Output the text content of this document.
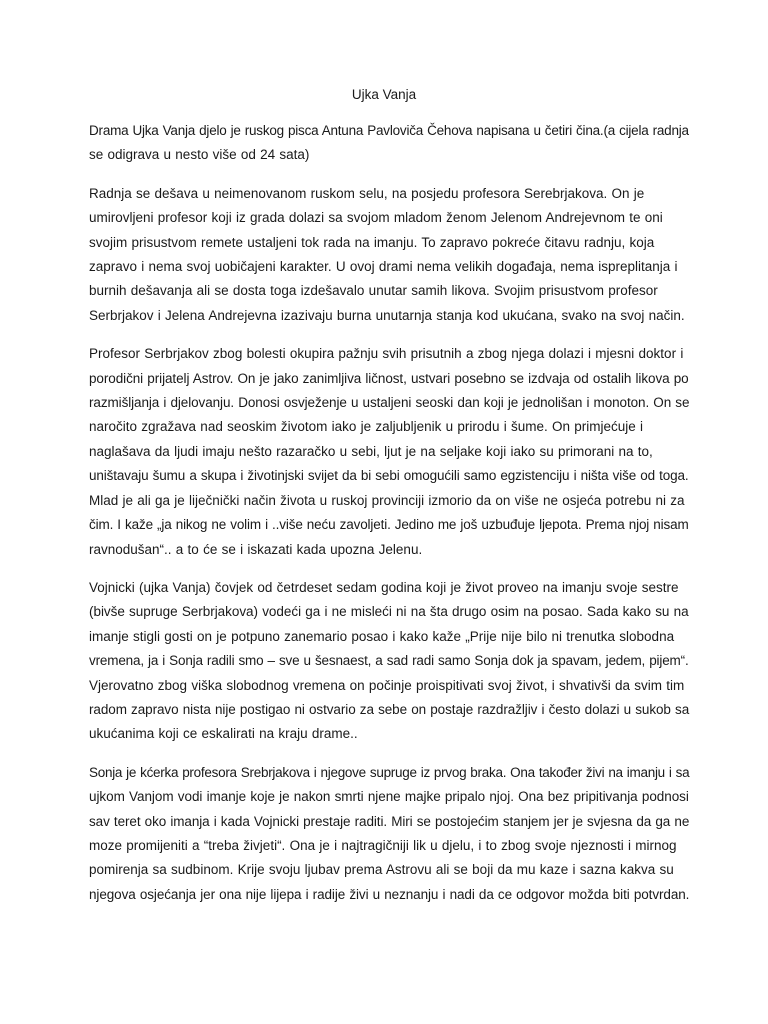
Ujka Vanja

Drama Ujka Vanja djelo je ruskog pisca Antuna Pavloviča Čehova napisana u četiri čina.(a cijela radnja
se odigrava u nesto više od 24 sata)

Radnja se dešava u neimenovanom ruskom selu, na posjedu profesora Serebrjakova. On je
umirovljeni profesor koji iz grada dolazi sa svojom mladom ženom Jelenom Andrejevnom te oni
svojim prisustvom remete ustaljeni tok rada na imanju. To zapravo pokreće čitavu radnju, koja
zapravo i nema svoj uobičajeni karakter. U ovoj drami nema velikih događaja, nema ispreplitanja i
burnih dešavanja ali se dosta toga izdešavalo unutar samih likova. Svojim prisustvom profesor
Serbrjakov i Jelena Andrejevna izazivaju burna unutarnja stanja kod ukućana, svako na svoj način.

Profesor Serbrjakov zbog bolesti okupira pažnju svih prisutnih a zbog njega dolazi i mjesni doktor i
porodični prijatelj Astrov. On je jako zanimljiva ličnost, ustvari posebno se izdvaja od ostalih likova po
razmišljanja i djelovanju. Donosi osvježenje u ustaljeni seoski dan koji je jednolišan i monoton. On se
naročito zgražava nad seoskim životom iako je zaljubljenik u prirodu i šume. On primjećuje i
naglašava da ljudi imaju nešto razaračko u sebi, ljut je na seljake koji iako su primorani na to,
uništavaju šumu a skupa i životinjski svijet da bi sebi omogućili samo egzistenciju i ništa više od toga.
Mlad je ali ga je liječnički način života u ruskoj provinciji izmorio da on više ne osjeća potrebu ni za
čim. I kaže „ja nikog ne volim i ..više neću zavoljeti. Jedino me još uzbuđuje ljepota. Prema njoj nisam
ravnodušan“.. a to će se i iskazati kada upozna Jelenu.

Vojnicki (ujka Vanja) čovjek od četrdeset sedam godina koji je život proveo na imanju svoje sestre
(bivše supruge Serbrjakova) vodeći ga i ne misleći ni na šta drugo osim na posao. Sada kako su na
imanje stigli gosti on je potpuno zanemario posao i kako kaže „Prije nije bilo ni trenutka slobodna
vremena, ja i Sonja radili smo – sve u šesnaest, a sad radi samo Sonja dok ja spavam, jedem, pijem“.
Vjerovatno zbog viška slobodnog vremena on počinje proispitivati svoj život, i shvativši da svim tim
radom zapravo nista nije postigao ni ostvario za sebe on postaje razdražljiv i često dolazi u sukob sa
ukućanima koji ce eskalirati na kraju drame..

Sonja je kćerka profesora Srebrjakova i njegove supruge iz prvog braka. Ona također živi na imanju i sa
ujkom Vanjom vodi imanje koje je nakon smrti njene majke pripalo njoj. Ona bez pripitivanja podnosi
sav teret oko imanja i kada Vojnicki prestaje raditi. Miri se postojećim stanjem jer je svjesna da ga ne
moze promijeniti a “treba živjeti“. Ona je i najtragičniji lik u djelu, i to zbog svoje njeznosti i mirnog
pomirenja sa sudbinom. Krije svoju ljubav prema Astrovu ali se boji da mu kaze i sazna kakva su
njegova osjećanja jer ona nije lijepa i radije živi u neznanju i nadi da ce odgovor možda biti potvrdan.
